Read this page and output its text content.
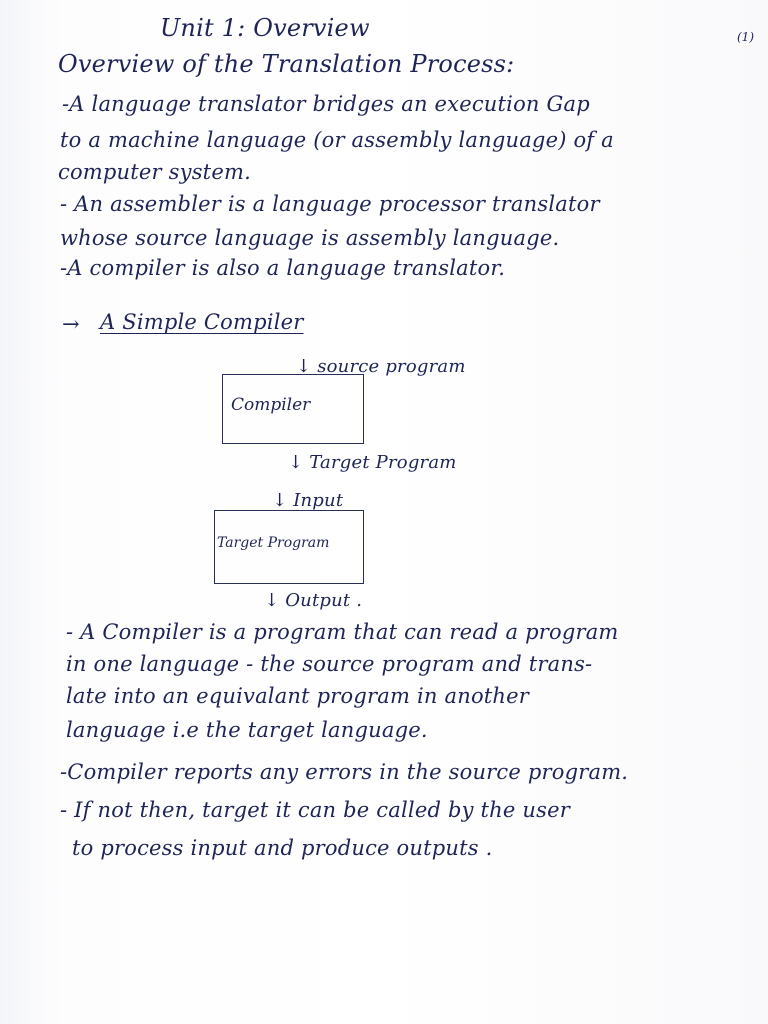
(1)
Unit 1: Overview
Overview of the Translation Process:
-A language translator bridges an execution Gap
to a machine language (or assembly language) of a
computer system.
- An assembler is a language processor translator
whose source language is assembly language.
-A compiler is also a language translator.
→ A Simple Compiler
↓ source program
Compiler
↓ Target Program
↓ Input
Target Program
↓ Output .
- A Compiler is a program that can read a program
in one language - the source program and trans-
late into an equivalant program in another
language i.e the target language.
-Compiler reports any errors in the source program.
- If not then, target it can be called by the user
to process input and produce outputs .
